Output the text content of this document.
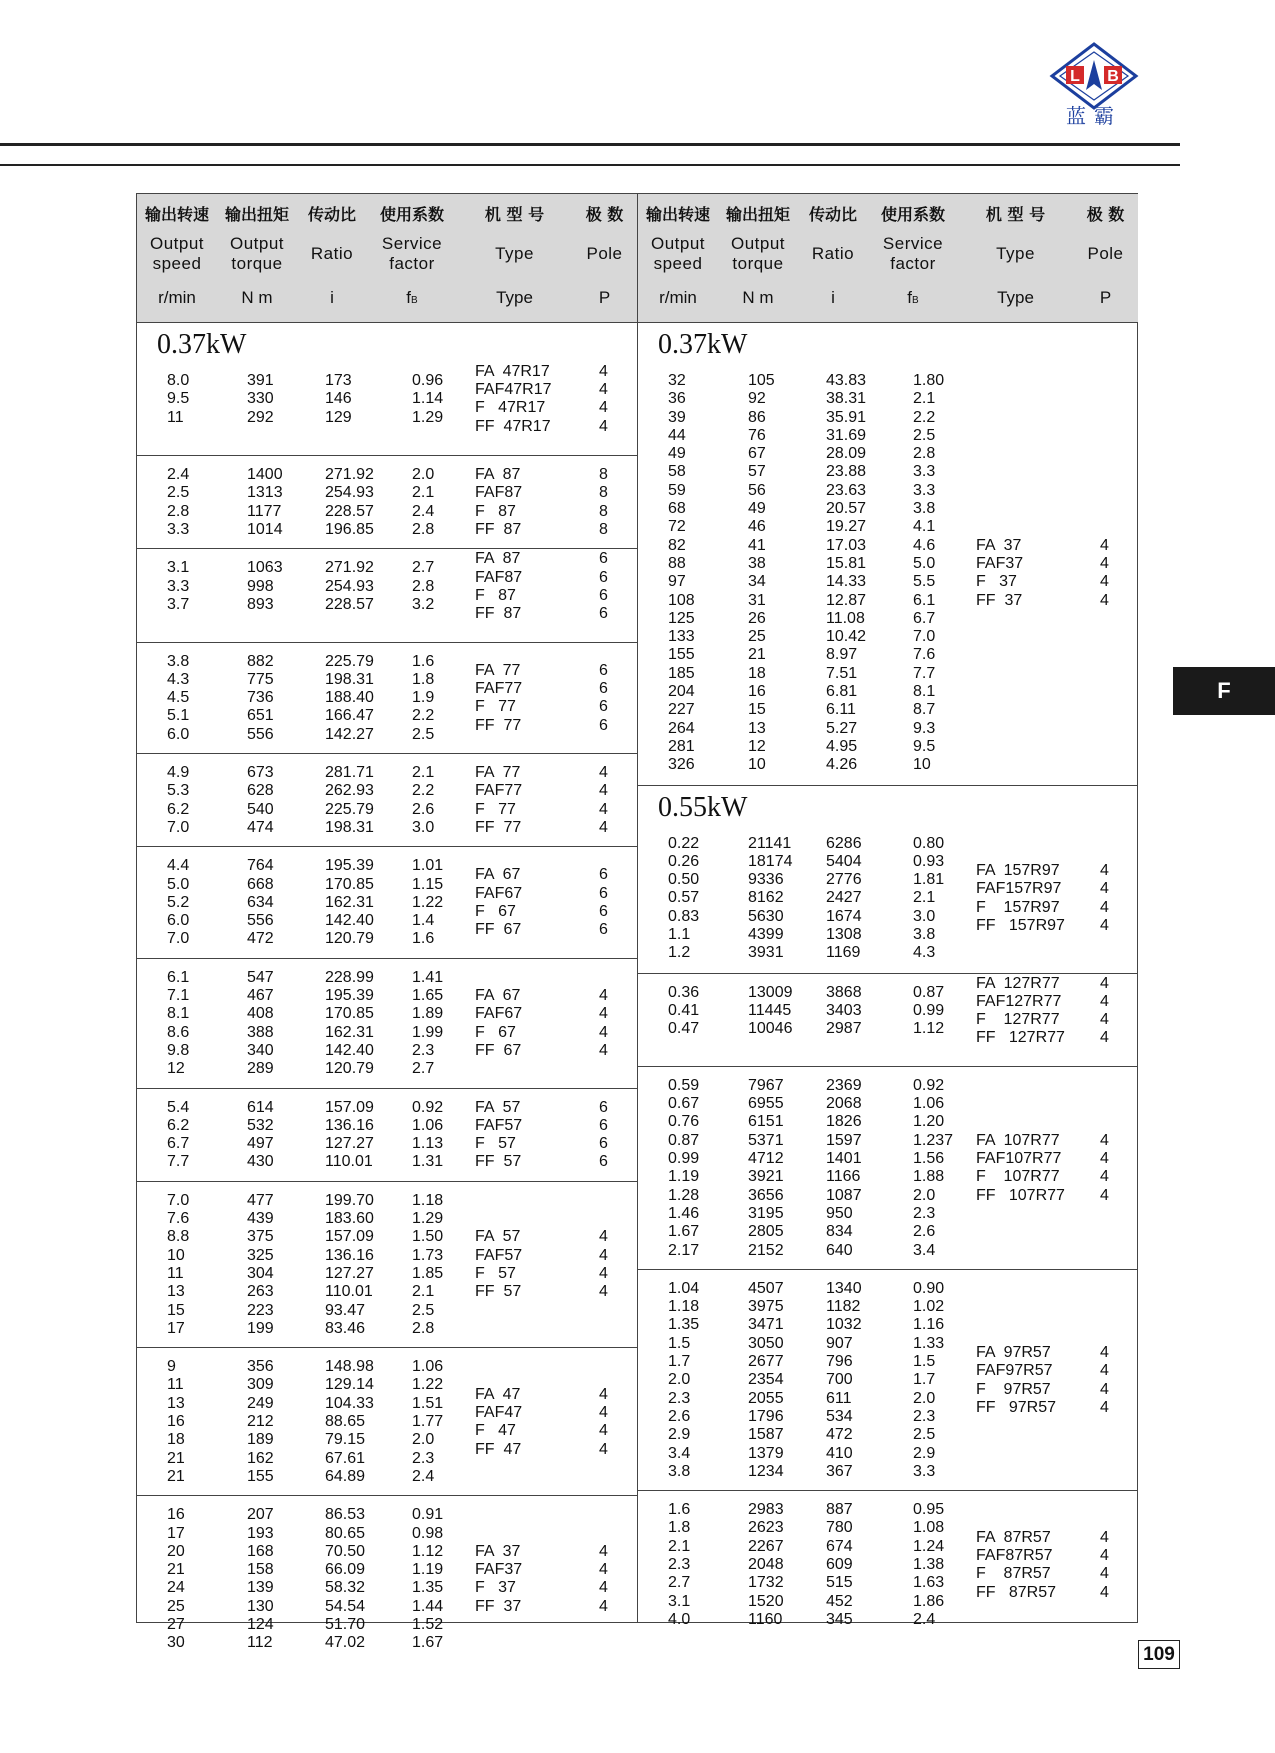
L B
蓝霸
F
109
输出转速
Output
speed
r/min
输出扭矩
Output
torque
N m
传动比
Ratio
i
使用系数
Service
factor
fB
机 型 号
Type
Type
极 数
Pole
P
0.37kW
8.0
9.5
11
391
330
292
173
146
129
0.96
1.14
1.29
FA  47R17
FAF47R17
F   47R17
FF  47R17
4
4
4
4
2.4
2.5
2.8
3.3
1400
1313
1177
1014
271.92
254.93
228.57
196.85
2.0
2.1
2.4
2.8
FA  87
FAF87
F   87
FF  87
8
8
8
8
3.1
3.3
3.7
1063
998
893
271.92
254.93
228.57
2.7
2.8
3.2
FA  87
FAF87
F   87
FF  87
6
6
6
6
3.8
4.3
4.5
5.1
6.0
882
775
736
651
556
225.79
198.31
188.40
166.47
142.27
1.6
1.8
1.9
2.2
2.5
FA  77
FAF77
F   77
FF  77
6
6
6
6
4.9
5.3
6.2
7.0
673
628
540
474
281.71
262.93
225.79
198.31
2.1
2.2
2.6
3.0
FA  77
FAF77
F   77
FF  77
4
4
4
4
4.4
5.0
5.2
6.0
7.0
764
668
634
556
472
195.39
170.85
162.31
142.40
120.79
1.01
1.15
1.22
1.4
1.6
FA  67
FAF67
F   67
FF  67
6
6
6
6
6.1
7.1
8.1
8.6
9.8
12
547
467
408
388
340
289
228.99
195.39
170.85
162.31
142.40
120.79
1.41
1.65
1.89
1.99
2.3
2.7
FA  67
FAF67
F   67
FF  67
4
4
4
4
5.4
6.2
6.7
7.7
614
532
497
430
157.09
136.16
127.27
110.01
0.92
1.06
1.13
1.31
FA  57
FAF57
F   57
FF  57
6
6
6
6
7.0
7.6
8.8
10
11
13
15
17
477
439
375
325
304
263
223
199
199.70
183.60
157.09
136.16
127.27
110.01
93.47
83.46
1.18
1.29
1.50
1.73
1.85
2.1
2.5
2.8
FA  57
FAF57
F   57
FF  57
4
4
4
4
9
11
13
16
18
21
21
356
309
249
212
189
162
155
148.98
129.14
104.33
88.65
79.15
67.61
64.89
1.06
1.22
1.51
1.77
2.0
2.3
2.4
FA  47
FAF47
F   47
FF  47
4
4
4
4
16
17
20
21
24
25
27
30
207
193
168
158
139
130
124
112
86.53
80.65
70.50
66.09
58.32
54.54
51.70
47.02
0.91
0.98
1.12
1.19
1.35
1.44
1.52
1.67
FA  37
FAF37
F   37
FF  37
4
4
4
4
输出转速
Output
speed
r/min
输出扭矩
Output
torque
N m
传动比
Ratio
i
使用系数
Service
factor
fB
机 型 号
Type
Type
极 数
Pole
P
0.37kW
32
36
39
44
49
58
59
68
72
82
88
97
108
125
133
155
185
204
227
264
281
326
105
92
86
76
67
57
56
49
46
41
38
34
31
26
25
21
18
16
15
13
12
10
43.83
38.31
35.91
31.69
28.09
23.88
23.63
20.57
19.27
17.03
15.81
14.33
12.87
11.08
10.42
8.97
7.51
6.81
6.11
5.27
4.95
4.26
1.80
2.1
2.2
2.5
2.8
3.3
3.3
3.8
4.1
4.6
5.0
5.5
6.1
6.7
7.0
7.6
7.7
8.1
8.7
9.3
9.5
10
FA  37
FAF37
F   37
FF  37
4
4
4
4
0.55kW
0.22
0.26
0.50
0.57
0.83
1.1
1.2
21141
18174
9336
8162
5630
4399
3931
6286
5404
2776
2427
1674
1308
1169
0.80
0.93
1.81
2.1
3.0
3.8
4.3
FA  157R97
FAF157R97
F    157R97
FF   157R97
4
4
4
4
0.36
0.41
0.47
13009
11445
10046
3868
3403
2987
0.87
0.99
1.12
FA  127R77
FAF127R77
F    127R77
FF   127R77
4
4
4
4
0.59
0.67
0.76
0.87
0.99
1.19
1.28
1.46
1.67
2.17
7967
6955
6151
5371
4712
3921
3656
3195
2805
2152
2369
2068
1826
1597
1401
1166
1087
950
834
640
0.92
1.06
1.20
1.237
1.56
1.88
2.0
2.3
2.6
3.4
FA  107R77
FAF107R77
F    107R77
FF   107R77
4
4
4
4
1.04
1.18
1.35
1.5
1.7
2.0
2.3
2.6
2.9
3.4
3.8
4507
3975
3471
3050
2677
2354
2055
1796
1587
1379
1234
1340
1182
1032
907
796
700
611
534
472
410
367
0.90
1.02
1.16
1.33
1.5
1.7
2.0
2.3
2.5
2.9
3.3
FA  97R57
FAF97R57
F    97R57
FF   97R57
4
4
4
4
1.6
1.8
2.1
2.3
2.7
3.1
4.0
2983
2623
2267
2048
1732
1520
1160
887
780
674
609
515
452
345
0.95
1.08
1.24
1.38
1.63
1.86
2.4
FA  87R57
FAF87R57
F    87R57
FF   87R57
4
4
4
4
